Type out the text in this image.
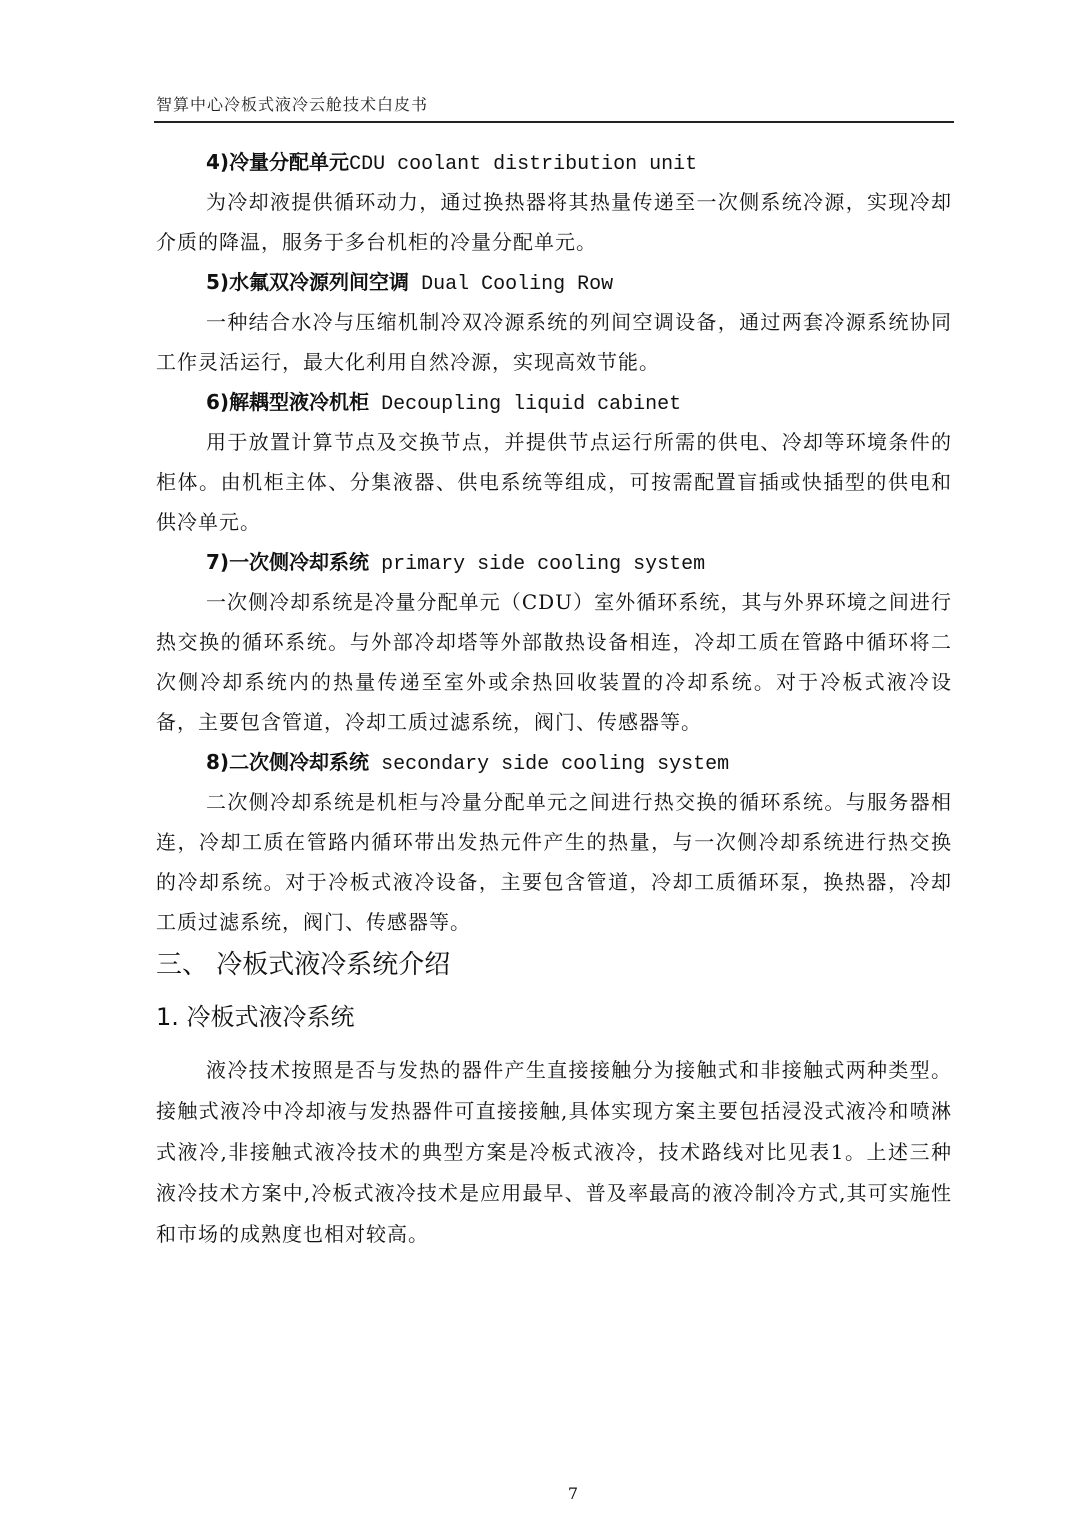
智算中心冷板式液冷云舱技术白皮书
4)冷量分配单元CDU coolant distribution unit

为冷却液提供循环动力，通过换热器将其热量传递至一次侧系统冷源，实现冷却介质的降温，服务于多台机柜的冷量分配单元。

5)水氟双冷源列间空调 Dual Cooling Row

一种结合水冷与压缩机制冷双冷源系统的列间空调设备，通过两套冷源系统协同工作灵活运行，最大化利用自然冷源，实现高效节能。

6)解耦型液冷机柜 Decoupling liquid cabinet

用于放置计算节点及交换节点，并提供节点运行所需的供电、冷却等环境条件的柜体。由机柜主体、分集液器、供电系统等组成，可按需配置盲插或快插型的供电和供冷单元。

7)一次侧冷却系统 primary side cooling system

一次侧冷却系统是冷量分配单元（CDU）室外循环系统，其与外界环境之间进行热交换的循环系统。与外部冷却塔等外部散热设备相连，冷却工质在管路中循环将二次侧冷却系统内的热量传递至室外或余热回收装置的冷却系统。对于冷板式液冷设备，主要包含管道，冷却工质过滤系统，阀门、传感器等。

8)二次侧冷却系统 secondary side cooling system

二次侧冷却系统是机柜与冷量分配单元之间进行热交换的循环系统。与服务器相连，冷却工质在管路内循环带出发热元件产生的热量，与一次侧冷却系统进行热交换的冷却系统。对于冷板式液冷设备，主要包含管道，冷却工质循环泵，换热器，冷却工质过滤系统，阀门、传感器等。

三、 冷板式液冷系统介绍
1. 冷板式液冷系统

液冷技术按照是否与发热的器件产生直接接触分为接触式和非接触式两种类型。接触式液冷中冷却液与发热器件可直接接触,具体实现方案主要包括浸没式液冷和喷淋式液冷,非接触式液冷技术的典型方案是冷板式液冷，技术路线对比见表1。上述三种液冷技术方案中,冷板式液冷技术是应用最早、普及率最高的液冷制冷方式,其可实施性和市场的成熟度也相对较高。

7
